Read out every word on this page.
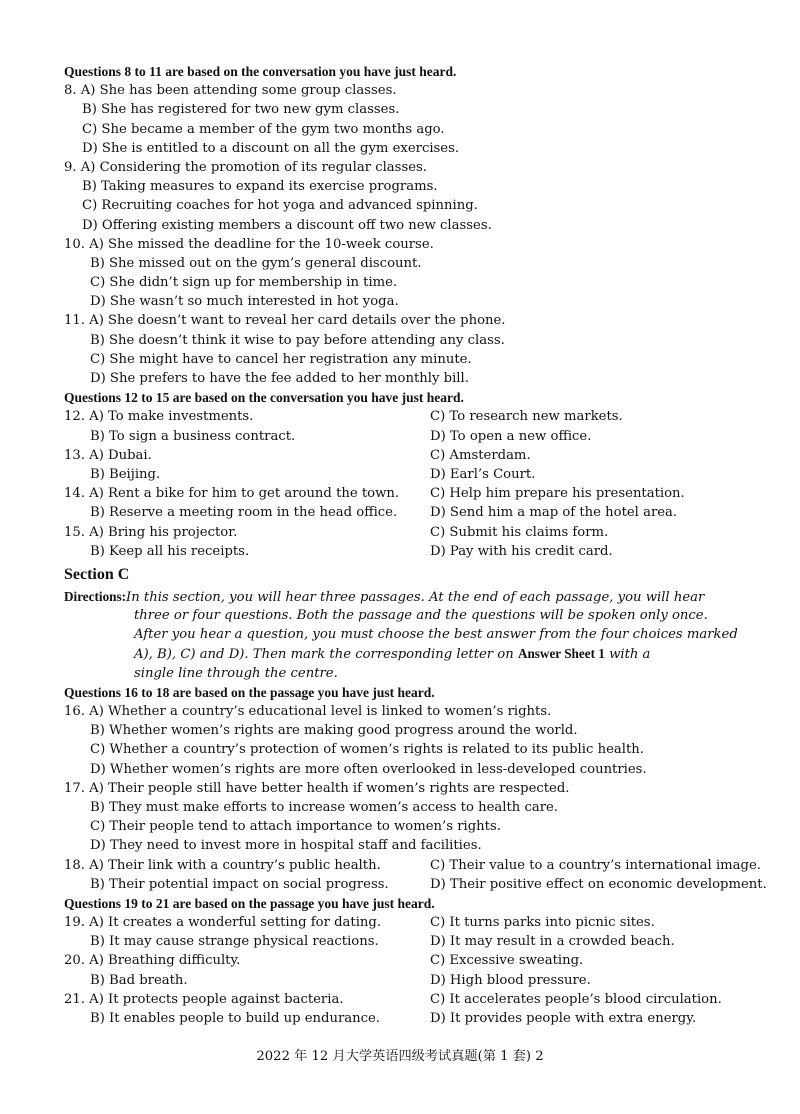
Questions 8 to 11 are based on the conversation you have just heard.
8. A) She has been attending some group classes.
B) She has registered for two new gym classes.
C) She became a member of the gym two months ago.
D) She is entitled to a discount on all the gym exercises.
9. A) Considering the promotion of its regular classes.
B) Taking measures to expand its exercise programs.
C) Recruiting coaches for hot yoga and advanced spinning.
D) Offering existing members a discount off two new classes.
10. A) She missed the deadline for the 10-week course.
B) She missed out on the gym’s general discount.
C) She didn’t sign up for membership in time.
D) She wasn’t so much interested in hot yoga.
11. A) She doesn’t want to reveal her card details over the phone.
B) She doesn’t think it wise to pay before attending any class.
C) She might have to cancel her registration any minute.
D) She prefers to have the fee added to her monthly bill.
Questions 12 to 15 are based on the conversation you have just heard.
12. A) To make investments.	C) To research new markets.
B) To sign a business contract.	D) To open a new office.
13. A) Dubai.	C) Amsterdam.
B) Beijing.	D) Earl’s Court.
14. A) Rent a bike for him to get around the town. C) Help him prepare his presentation.
B) Reserve a meeting room in the head office. D) Send him a map of the hotel area.
15. A) Bring his projector.	C) Submit his claims form.
B) Keep all his receipts.	D) Pay with his credit card.
Section C
Directions:In this section, you will hear three passages. At the end of each passage, you will hear
three or four questions. Both the passage and the questions will be spoken only once.
After you hear a question, you must choose the best answer from the four choices marked
A), B), C) and D). Then mark the corresponding letter on Answer Sheet 1 with a
single line through the centre.
Questions 16 to 18 are based on the passage you have just heard.
16. A) Whether a country’s educational level is linked to women’s rights.
B) Whether women’s rights are making good progress around the world.
C) Whether a country’s protection of women’s rights is related to its public health.
D) Whether women’s rights are more often overlooked in less-developed countries.
17. A) Their people still have better health if women’s rights are respected.
B) They must make efforts to increase women’s access to health care.
C) Their people tend to attach importance to women’s rights.
D) They need to invest more in hospital staff and facilities.
18. A) Their link with a country’s public health.	C) Their value to a country’s international image.
B) Their potential impact on social progress.	D) Their positive effect on economic development.
Questions 19 to 21 are based on the passage you have just heard.
19. A) It creates a wonderful setting for dating.	C) It turns parks into picnic sites.
B) It may cause strange physical reactions.	D) It may result in a crowded beach.
20. A) Breathing difficulty.	C) Excessive sweating.
B) Bad breath.	D) High blood pressure.
21. A) It protects people against bacteria.	C) It accelerates people’s blood circulation.
B) It enables people to build up endurance.	D) It provides people with extra energy.
2022 年 12 月大学英语四级考试真题(第 1 套) 2
